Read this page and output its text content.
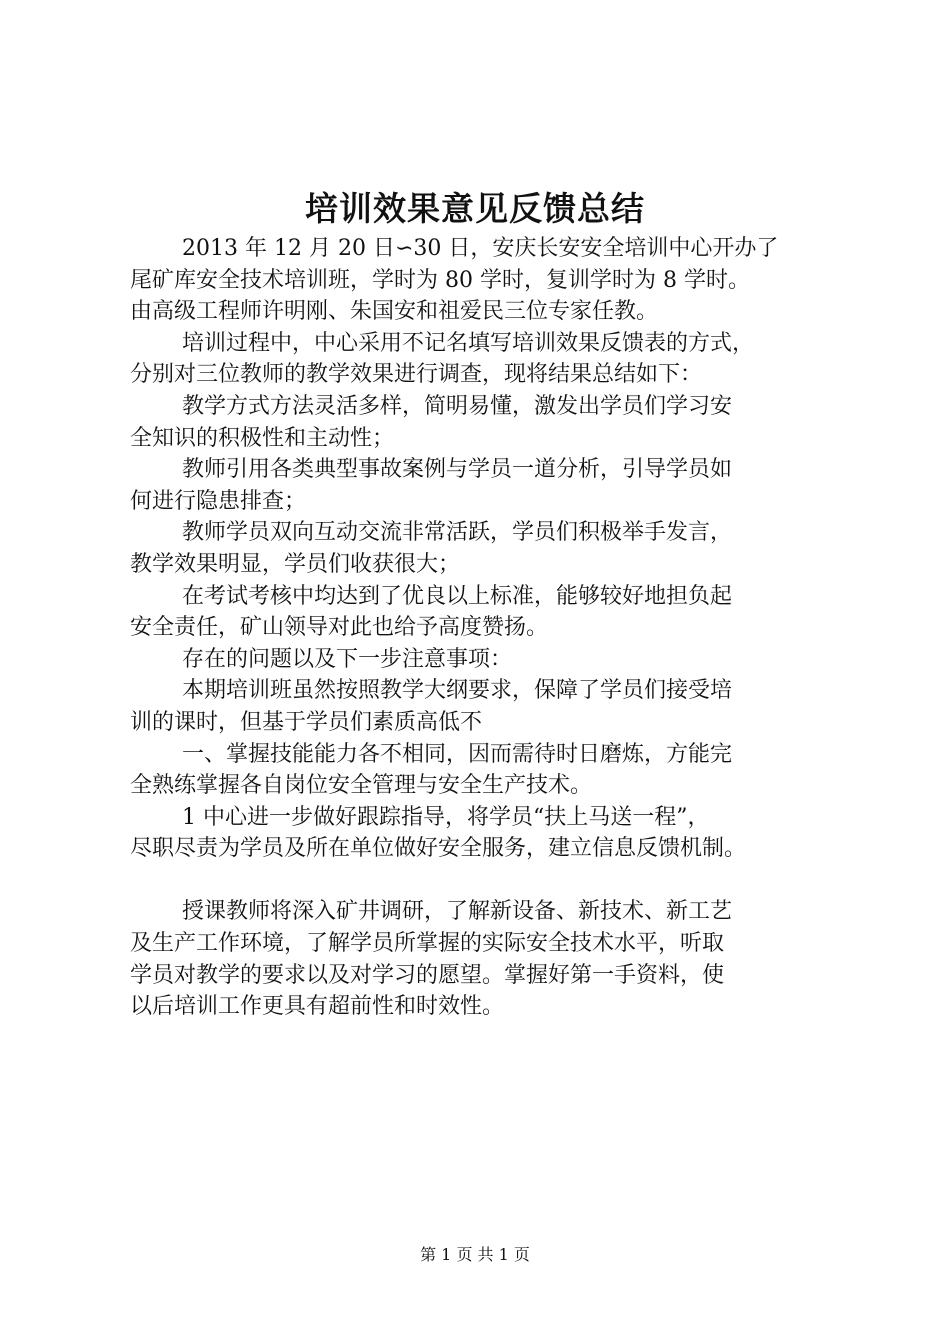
培训效果意见反馈总结
2013 年 12 月 20 日∽30 日，安庆长安安全培训中心开办了
尾矿库安全技术培训班，学时为 80 学时，复训学时为 8 学时。
由高级工程师许明刚、朱国安和祖爱民三位专家任教。
培训过程中，中心采用不记名填写培训效果反馈表的方式，
分别对三位教师的教学效果进行调查，现将结果总结如下：
教学方式方法灵活多样，简明易懂，激发出学员们学习安
全知识的积极性和主动性；
教师引用各类典型事故案例与学员一道分析，引导学员如
何进行隐患排查；
教师学员双向互动交流非常活跃，学员们积极举手发言，
教学效果明显，学员们收获很大；
在考试考核中均达到了优良以上标准，能够较好地担负起
安全责任，矿山领导对此也给予高度赞扬。
存在的问题以及下一步注意事项：
本期培训班虽然按照教学大纲要求，保障了学员们接受培
训的课时，但基于学员们素质高低不
一、掌握技能能力各不相同，因而需待时日磨炼，方能完
全熟练掌握各自岗位安全管理与安全生产技术。
1 中心进一步做好跟踪指导，将学员“扶上马送一程”，
尽职尽责为学员及所在单位做好安全服务，建立信息反馈机制。
授课教师将深入矿井调研，了解新设备、新技术、新工艺
及生产工作环境，了解学员所掌握的实际安全技术水平，听取
学员对教学的要求以及对学习的愿望。掌握好第一手资料，使
以后培训工作更具有超前性和时效性。
第 1 页 共 1 页
